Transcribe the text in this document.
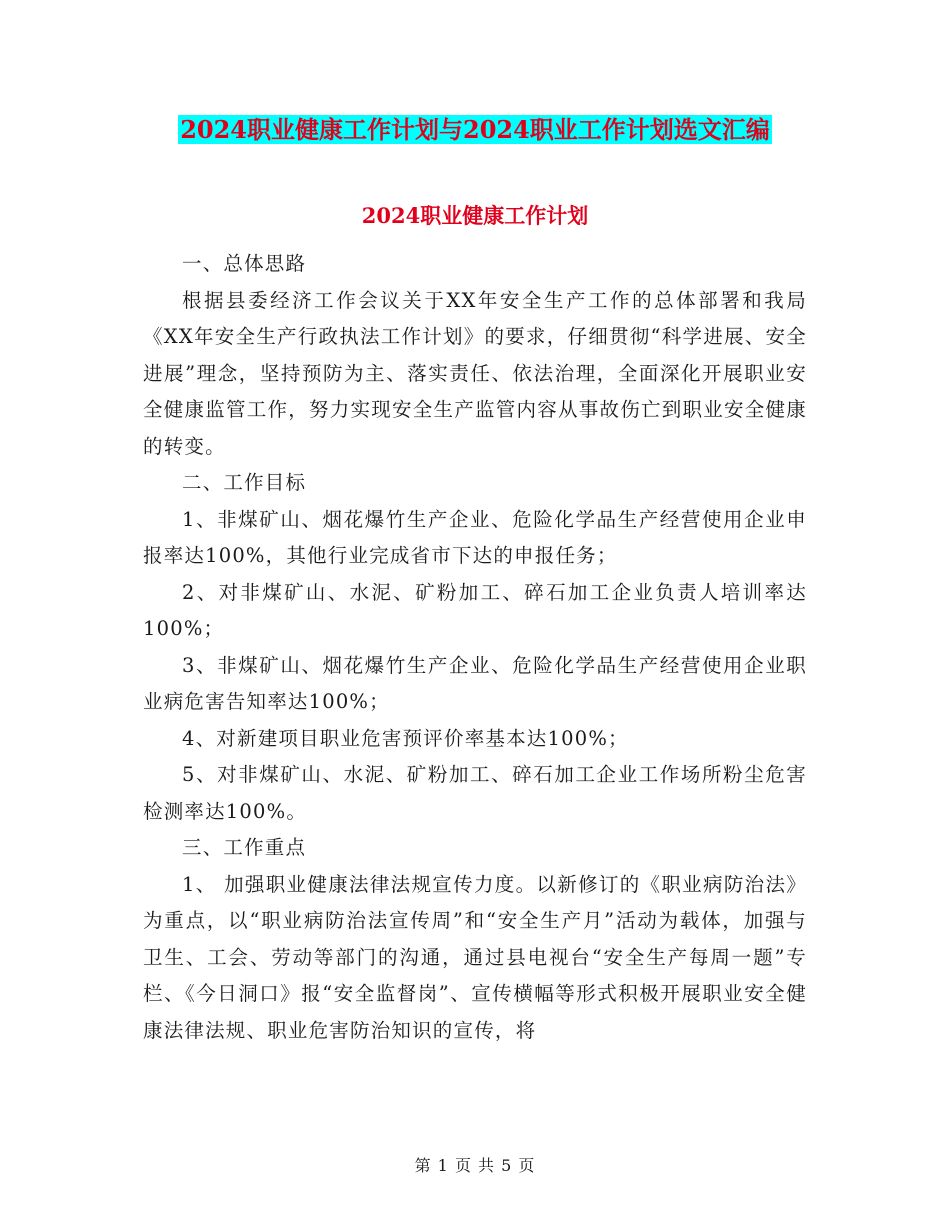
2024职业健康工作计划与2024职业工作计划选文汇编
2024职业健康工作计划

一、总体思路

根据县委经济工作会议关于XX年安全生产工作的总体部署和我局《XX年安全生产行政执法工作计划》的要求，仔细贯彻“科学进展、安全进展”理念，坚持预防为主、落实责任、依法治理，全面深化开展职业安全健康监管工作，努力实现安全生产监管内容从事故伤亡到职业安全健康的转变。

二、工作目标

1、非煤矿山、烟花爆竹生产企业、危险化学品生产经营使用企业申报率达100%，其他行业完成省市下达的申报任务；

2、对非煤矿山、水泥、矿粉加工、碎石加工企业负责人培训率达100%；

3、非煤矿山、烟花爆竹生产企业、危险化学品生产经营使用企业职业病危害告知率达100%；

4、对新建项目职业危害预评价率基本达100%；

5、对非煤矿山、水泥、矿粉加工、碎石加工企业工作场所粉尘危害检测率达100%。

三、工作重点

1、 加强职业健康法律法规宣传力度。以新修订的《职业病防治法》为重点，以“职业病防治法宣传周”和“安全生产月”活动为载体，加强与卫生、工会、劳动等部门的沟通，通过县电视台“安全生产每周一题”专栏、《今日洞口》报“安全监督岗”、宣传横幅等形式积极开展职业安全健康法律法规、职业危害防治知识的宣传，将

第 1 页 共 5 页
